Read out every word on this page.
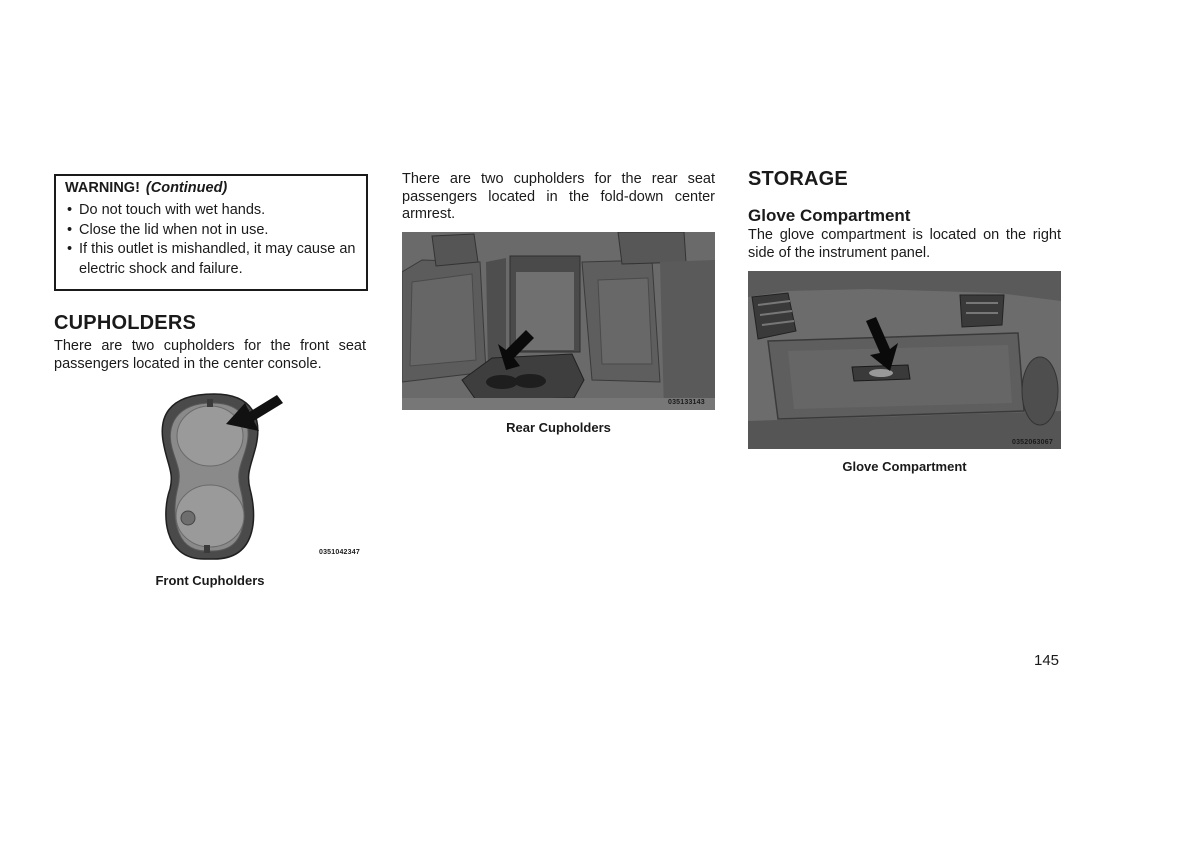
WARNING! (Continued)
• Do not touch with wet hands.
• Close the lid when not in use.
• If this outlet is mishandled, it may cause an electric shock and failure.
CUPHOLDERS

There are two cupholders for the front seat passengers located in the center console.

0351042347
Front Cupholders

There are two cupholders for the rear seat passengers located in the fold-down center armrest.

035133143
Rear Cupholders
STORAGE
Glove Compartment

The glove compartment is located on the right side of the instrument panel.

0352063067
Glove Compartment
145
